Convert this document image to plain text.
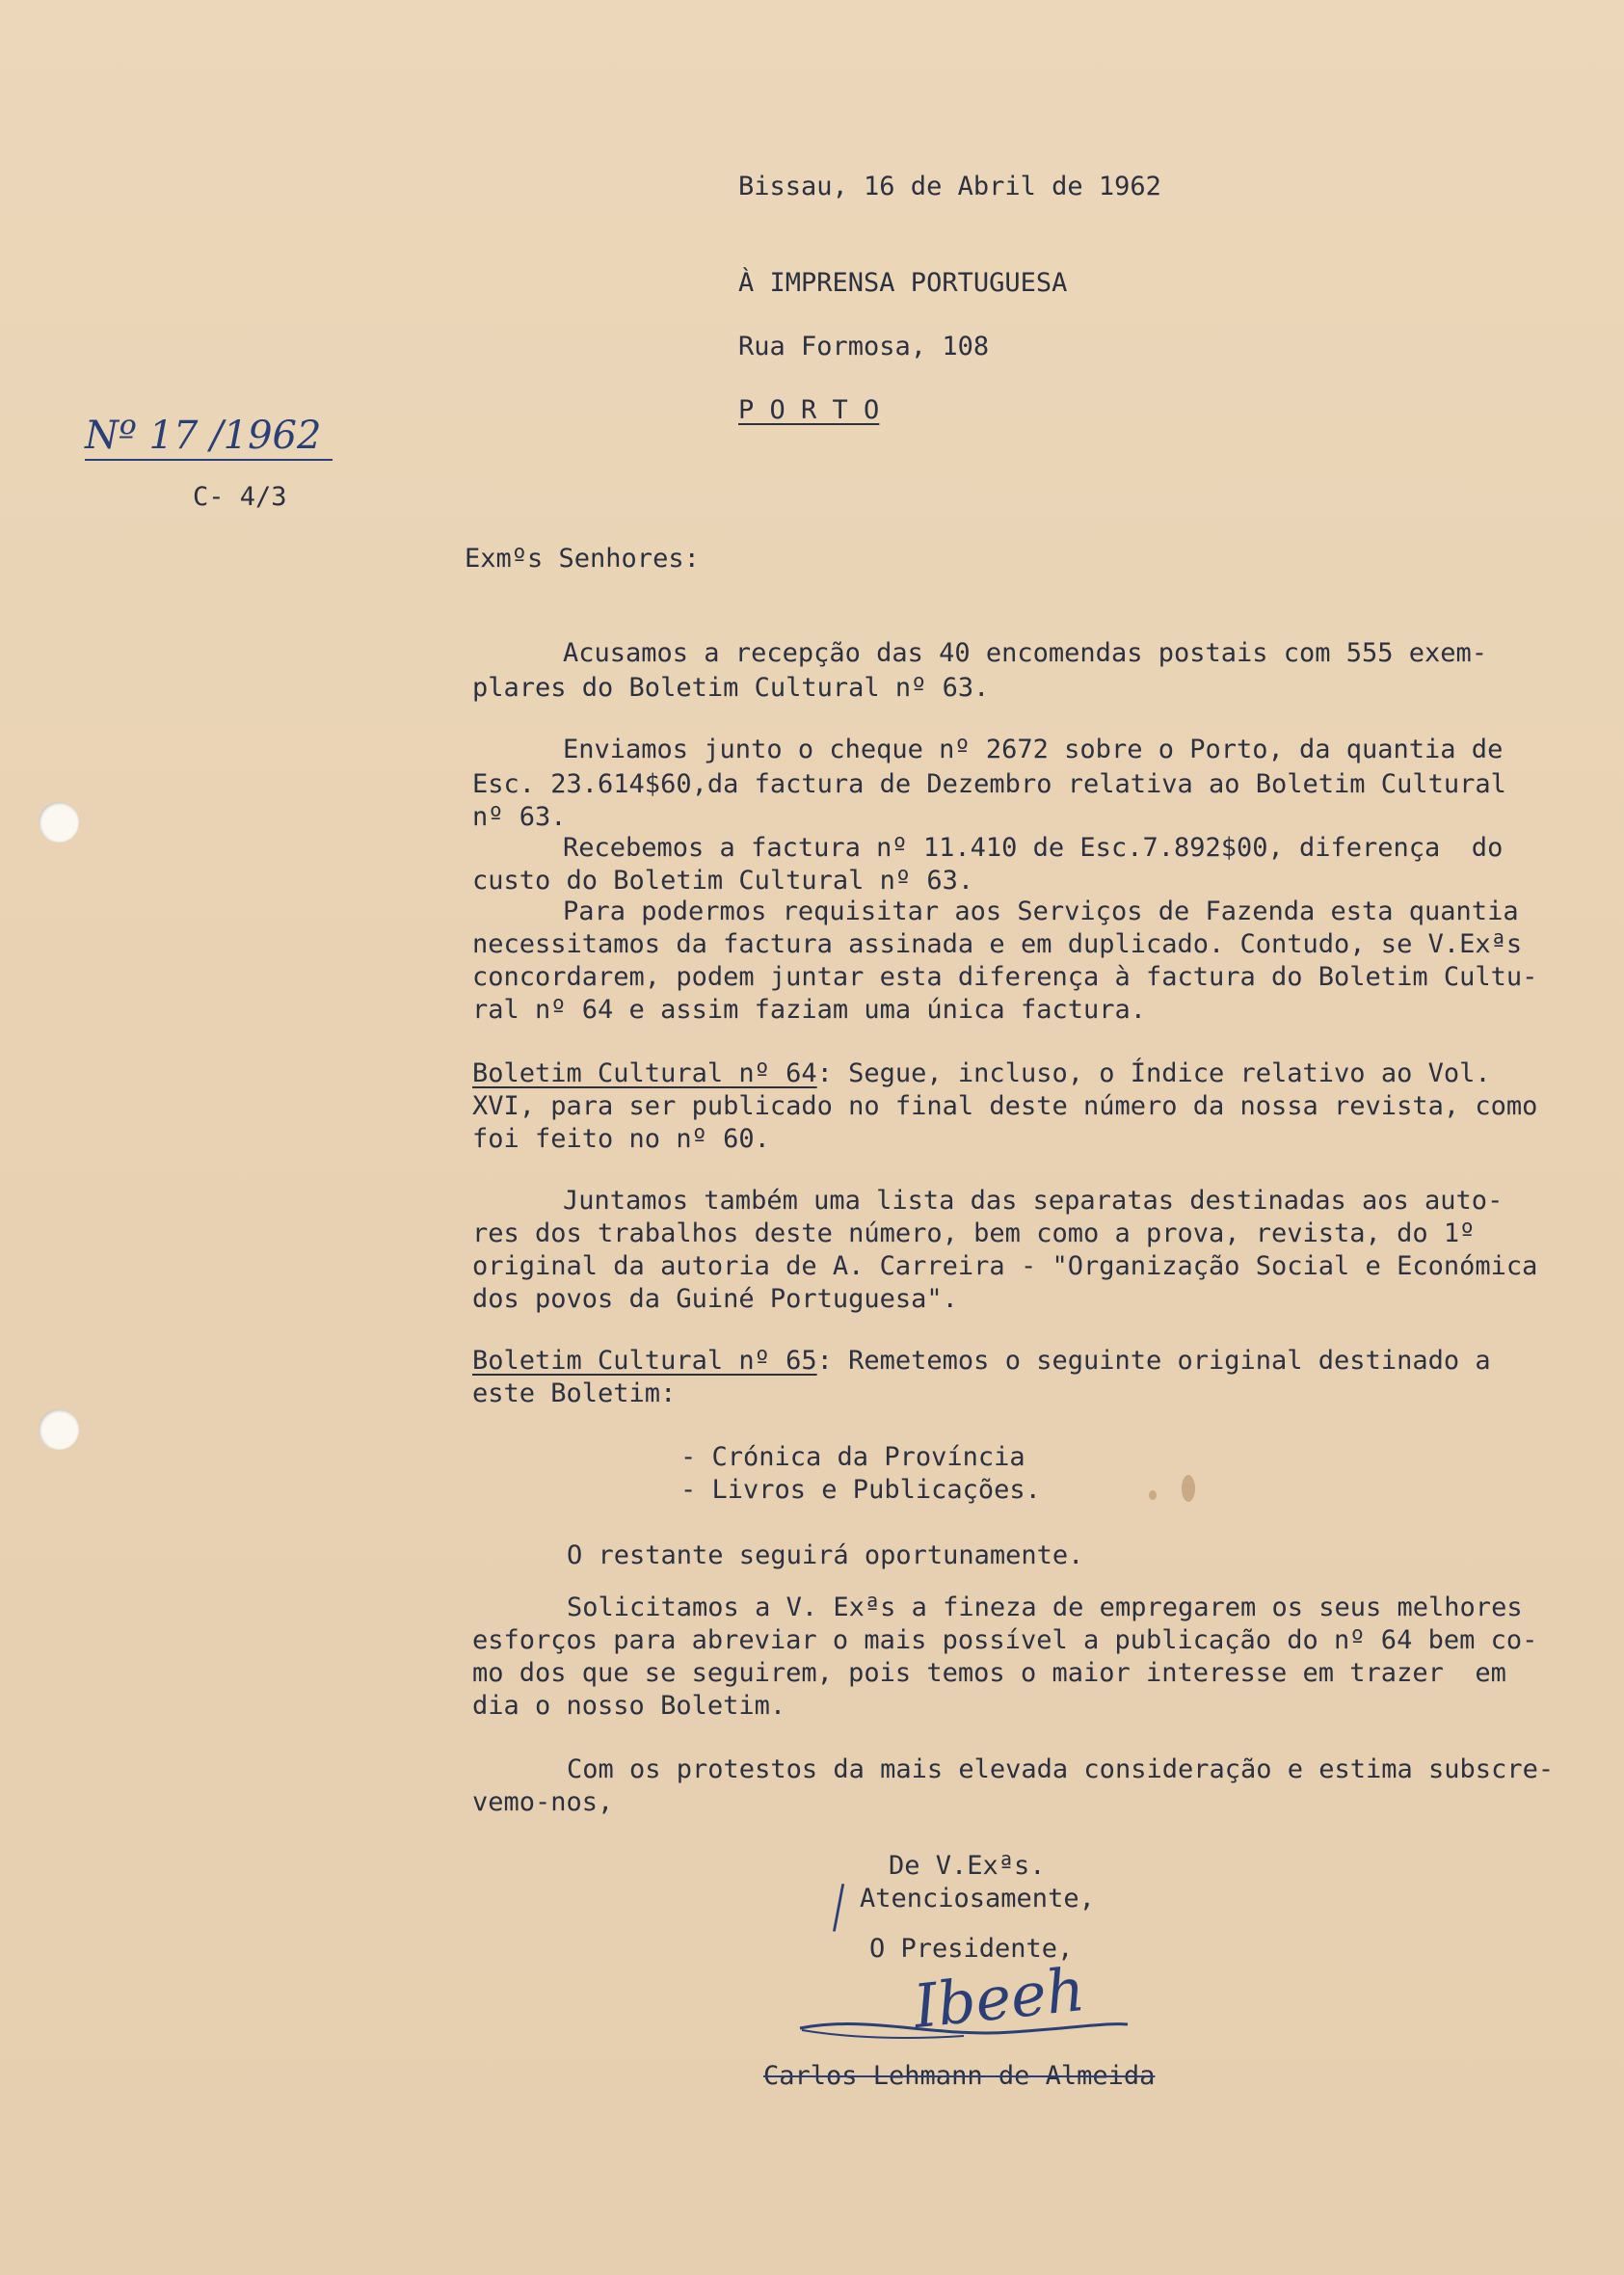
Bissau, 16 de Abril de 1962
À IMPRENSA PORTUGUESA
Rua Formosa, 108
P O R T O
Nº 17 /1962
C- 4/3
Exmºs Senhores:
Acusamos a recepção das 40 encomendas postais com 555 exem-
plares do Boletim Cultural nº 63.
Enviamos junto o cheque nº 2672 sobre o Porto, da quantia de
Esc. 23.614$60,da factura de Dezembro relativa ao Boletim Cultural
nº 63.
Recebemos a factura nº 11.410 de Esc.7.892$00, diferença  do
custo do Boletim Cultural nº 63.
Para podermos requisitar aos Serviços de Fazenda esta quantia
necessitamos da factura assinada e em duplicado. Contudo, se V.Exªs
concordarem, podem juntar esta diferença à factura do Boletim Cultu-
ral nº 64 e assim faziam uma única factura.
Boletim Cultural nº 64: Segue, incluso, o Índice relativo ao Vol.
XVI, para ser publicado no final deste número da nossa revista, como
foi feito no nº 60.
Juntamos também uma lista das separatas destinadas aos auto-
res dos trabalhos deste número, bem como a prova, revista, do 1º
original da autoria de A. Carreira - "Organização Social e Económica
dos povos da Guiné Portuguesa".
Boletim Cultural nº 65: Remetemos o seguinte original destinado a
este Boletim:
- Crónica da Província
- Livros e Publicações.
O restante seguirá oportunamente.
Solicitamos a V. Exªs a fineza de empregarem os seus melhores
esforços para abreviar o mais possível a publicação do nº 64 bem co-
mo dos que se seguirem, pois temos o maior interesse em trazer  em
dia o nosso Boletim.
Com os protestos da mais elevada consideração e estima subscre-
vemo-nos,
De V.Exªs.
Atenciosamente,
O Presidente,
/
Ibeeh
Carlos Lehmann de Almeida
